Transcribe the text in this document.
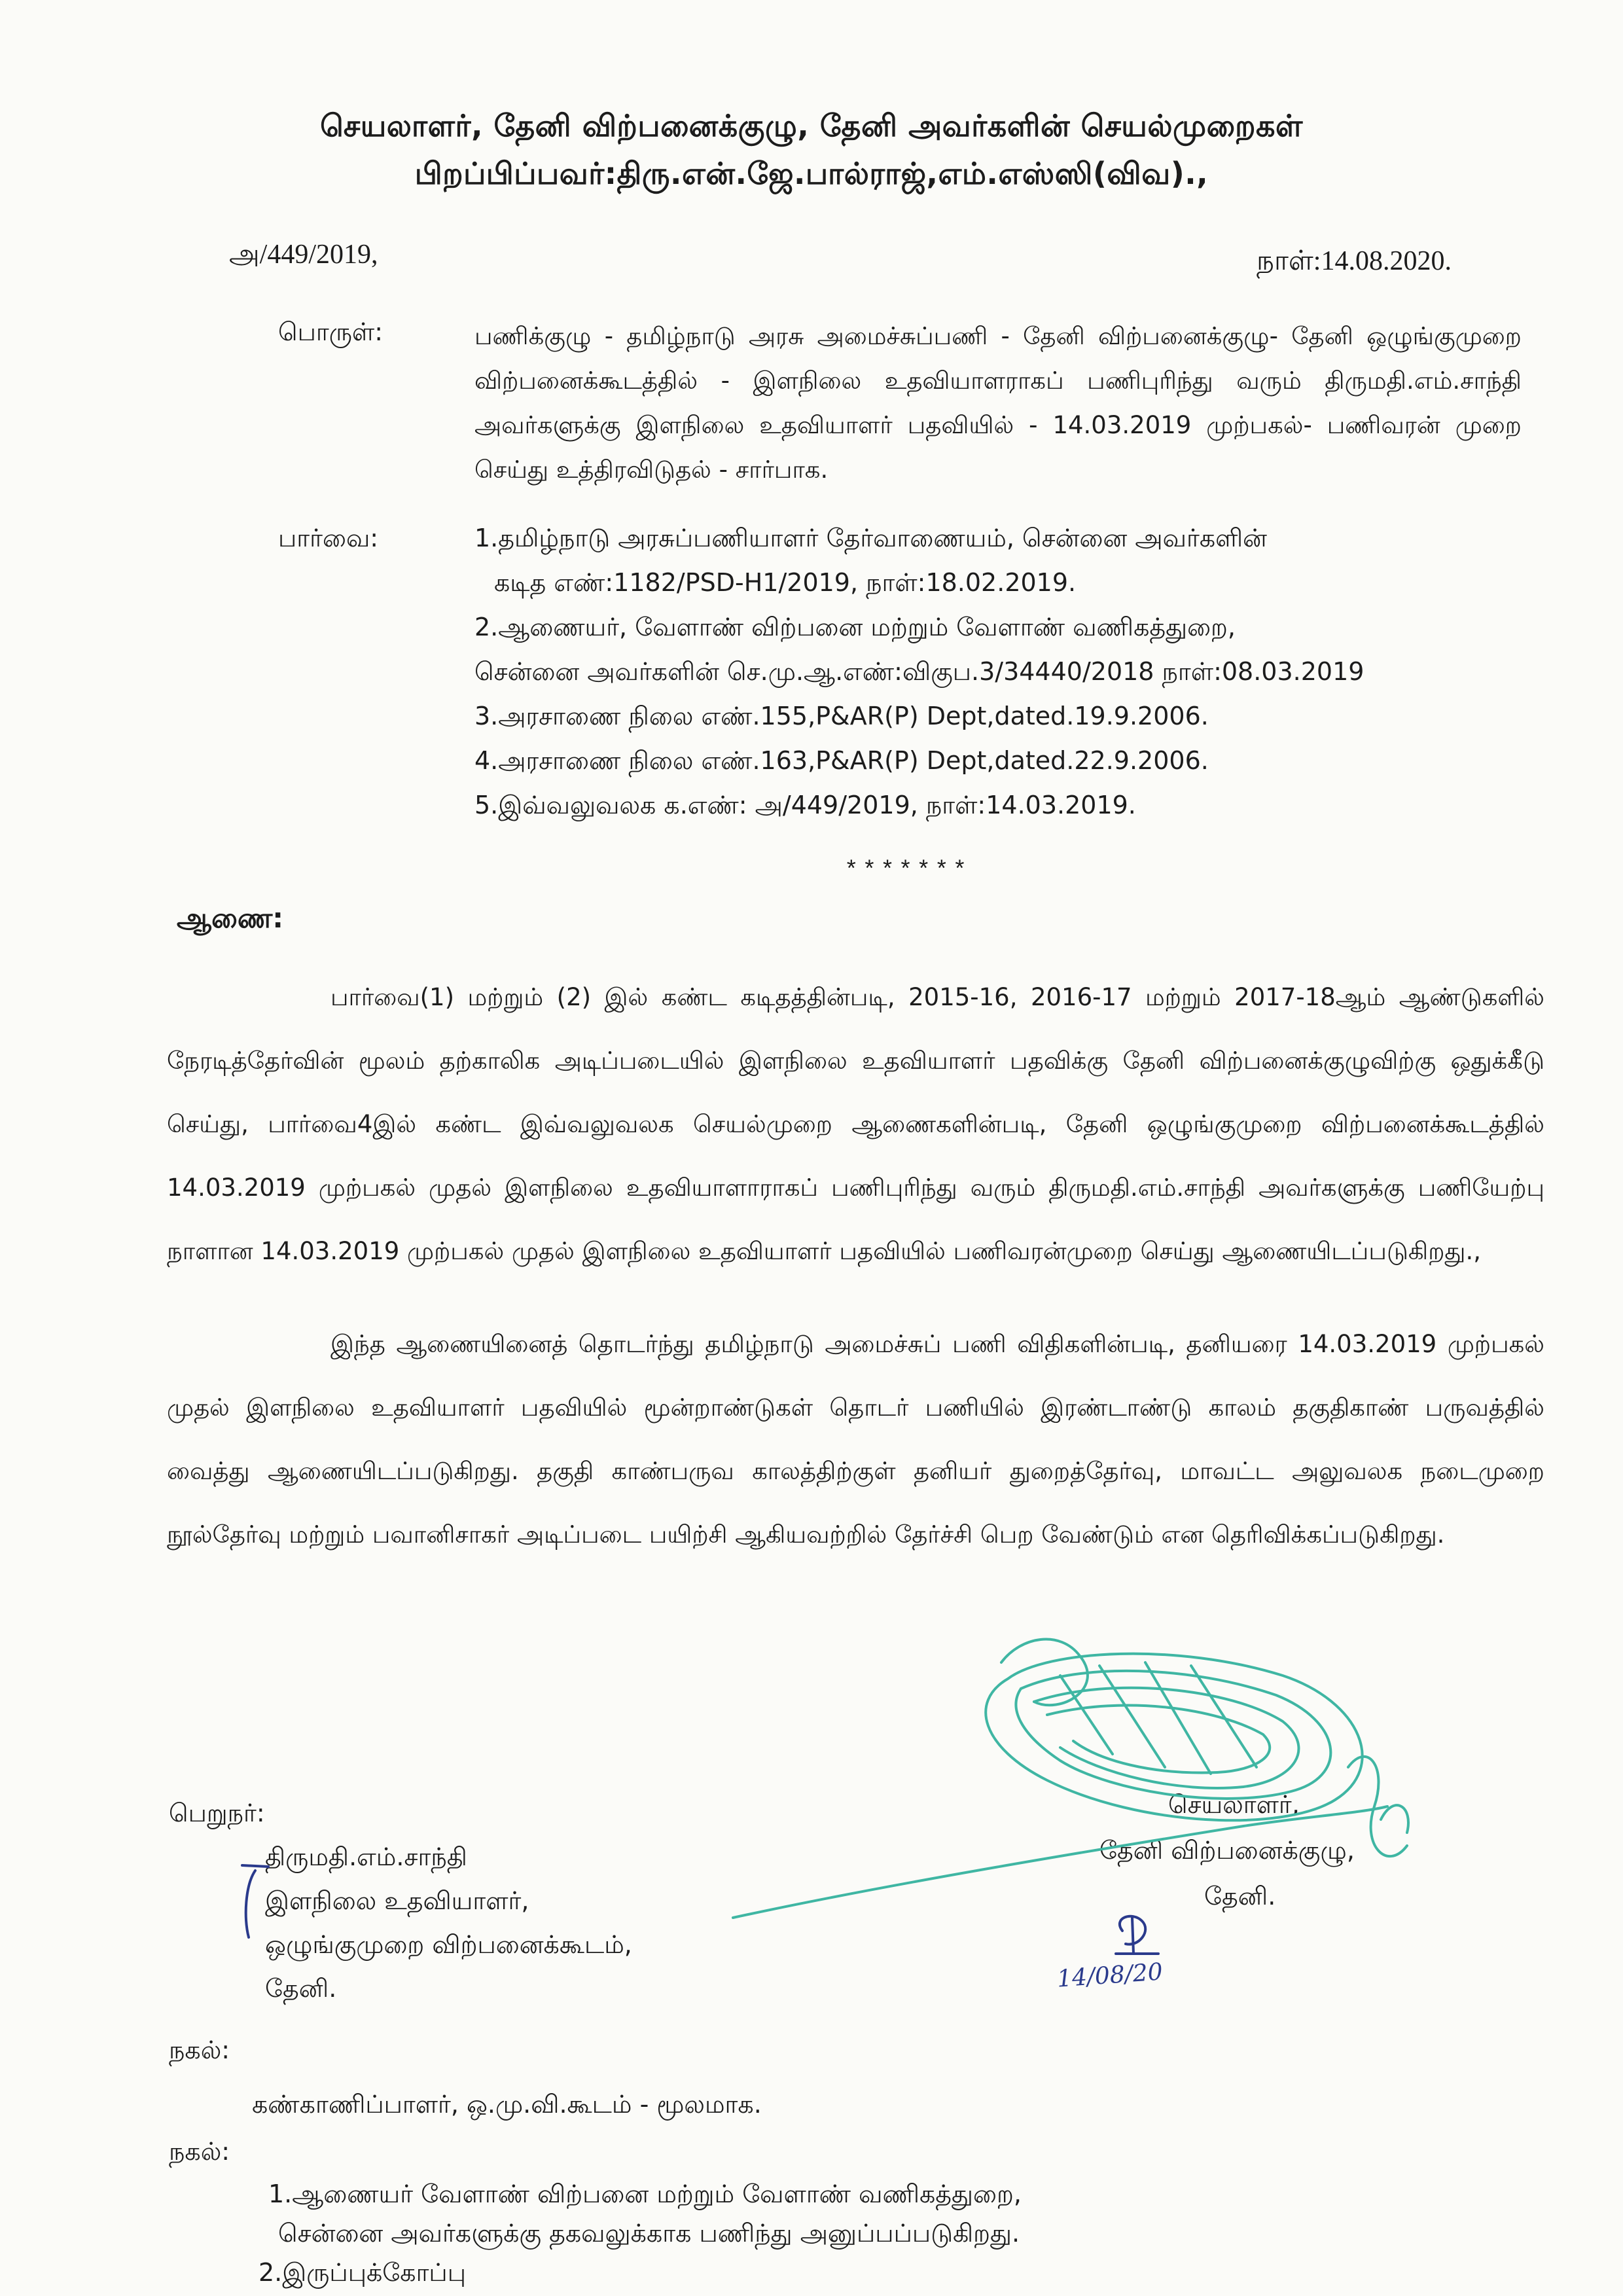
செயலாளர், தேனி விற்பனைக்குழு, தேனி அவர்களின் செயல்முறைகள்
பிறப்பிப்பவர்:திரு.என்.ஜே.பால்ராஜ்,எம்.எஸ்ஸி(விவ).,
அ/449/2019,	நாள்:14.08.2020.
பொருள்:	பணிக்குழு - தமிழ்நாடு அரசு அமைச்சுப்பணி - தேனி விற்பனைக்குழு- தேனி ஒழுங்குமுறை விற்பனைக்கூடத்தில் - இளநிலை உதவியாளராகப் பணிபுரிந்து வரும் திருமதி.எம்.சாந்தி அவர்களுக்கு இளநிலை உதவியாளர் பதவியில் - 14.03.2019 முற்பகல்- பணிவரன் முறை செய்து உத்திரவிடுதல் - சார்பாக.
பார்வை:	1.தமிழ்நாடு அரசுப்பணியாளர் தேர்வாணையம், சென்னை அவர்களின்
கடித எண்:1182/PSD-H1/2019, நாள்:18.02.2019.
2.ஆணையர், வேளாண் விற்பனை மற்றும் வேளாண் வணிகத்துறை,
சென்னை அவர்களின் செ.மு.ஆ.எண்:விகுப.3/34440/2018 நாள்:08.03.2019
3.அரசாணை நிலை எண்.155,P&AR(P) Dept,dated.19.9.2006.
4.அரசாணை நிலை எண்.163,P&AR(P) Dept,dated.22.9.2006.
5.இவ்வலுவலக க.எண்: அ/449/2019, நாள்:14.03.2019.
*******
ஆணை:
பார்வை(1) மற்றும் (2) இல் கண்ட கடிதத்தின்படி, 2015-16, 2016-17 மற்றும் 2017-18ஆம் ஆண்டுகளில் நேரடித்தேர்வின் மூலம் தற்காலிக அடிப்படையில் இளநிலை உதவியாளர் பதவிக்கு தேனி விற்பனைக்குழுவிற்கு ஒதுக்கீடு செய்து, பார்வை4இல் கண்ட இவ்வலுவலக செயல்முறை ஆணைகளின்படி, தேனி ஒழுங்குமுறை விற்பனைக்கூடத்தில் 14.03.2019 முற்பகல் முதல் இளநிலை உதவியாளாராகப் பணிபுரிந்து வரும் திருமதி.எம்.சாந்தி அவர்களுக்கு பணியேற்பு நாளான 14.03.2019 முற்பகல் முதல் இளநிலை உதவியாளர் பதவியில் பணிவரன்முறை செய்து ஆணையிடப்படுகிறது.,
இந்த ஆணையினைத் தொடர்ந்து தமிழ்நாடு அமைச்சுப் பணி விதிகளின்படி, தனியரை 14.03.2019 முற்பகல் முதல் இளநிலை உதவியாளர் பதவியில் மூன்றாண்டுகள் தொடர் பணியில் இரண்டாண்டு காலம் தகுதிகாண் பருவத்தில் வைத்து ஆணையிடப்படுகிறது. தகுதி காண்பருவ காலத்திற்குள் தனியர் துறைத்தேர்வு, மாவட்ட அலுவலக நடைமுறை நூல்தேர்வு மற்றும் பவானிசாகர் அடிப்படை பயிற்சி ஆகியவற்றில் தேர்ச்சி பெற வேண்டும் என தெரிவிக்கப்படுகிறது.
செயலாளர்,
தேனி விற்பனைக்குழு,
தேனி.
பெறுநர்:
திருமதி.எம்.சாந்தி
இளநிலை உதவியாளர்,
ஒழுங்குமுறை விற்பனைக்கூடம்,
தேனி.
நகல்:
கண்காணிப்பாளர், ஒ.மு.வி.கூடம் - மூலமாக.
நகல்:
1.ஆணையர் வேளாண் விற்பனை மற்றும் வேளாண் வணிகத்துறை,
சென்னை அவர்களுக்கு தகவலுக்காக பணிந்து அனுப்பப்படுகிறது.
2.இருப்புக்கோப்பு
14/08/20
